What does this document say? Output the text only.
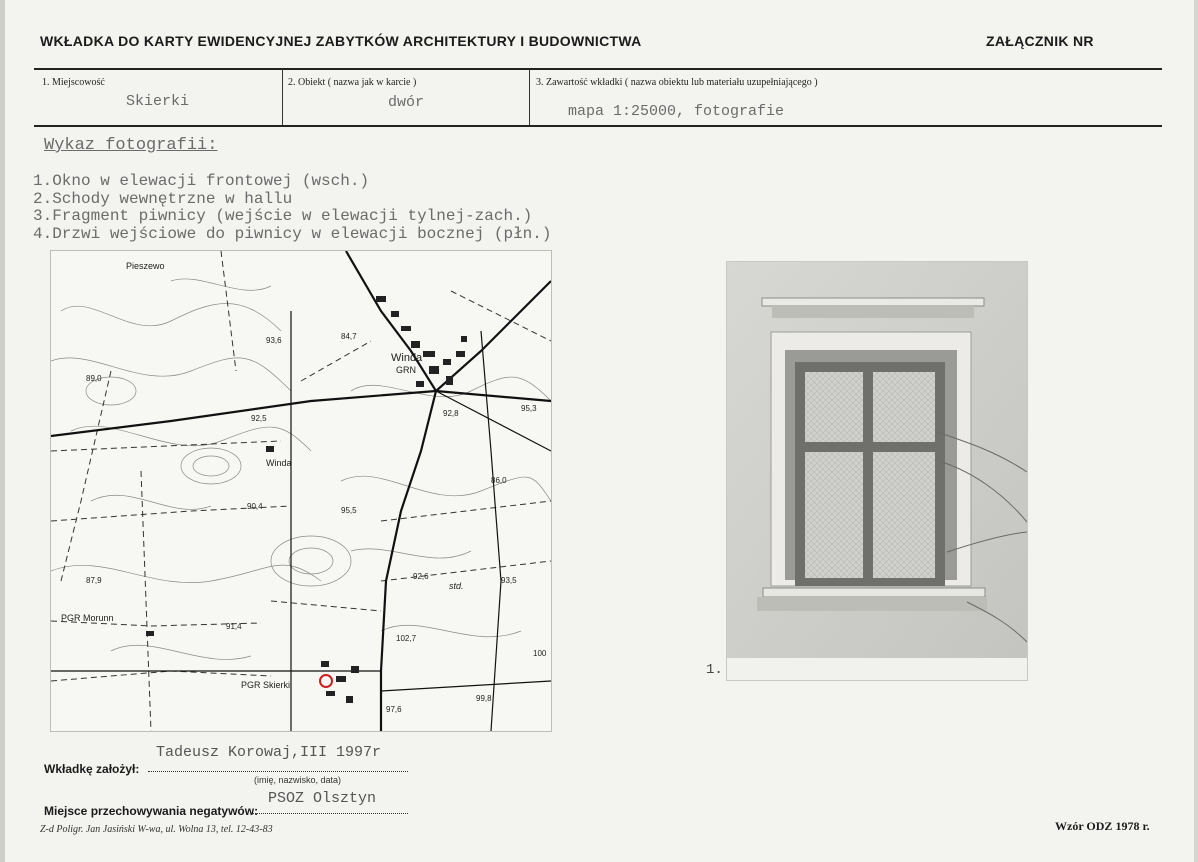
WKŁADKA DO KARTY EWIDENCYJNEJ ZABYTKÓW ARCHITEKTURY I BUDOWNICTWA	ZAŁĄCZNIK NR
1. Miejscowość
Skierki
2. Obiekt ( nazwa jak w karcie )
dwór
3. Zawartość wkładki ( nazwa obiektu lub materiału uzupełniającego )
mapa 1:25000, fotografie
Wykaz fotografii:
1.Okno w elewacji frontowej (wsch.)
2.Schody wewnętrzne w hallu
3.Fragment piwnicy (wejście w elewacji tylnej-zach.)
4.Drzwi wejściowe do piwnicy w elewacji bocznej (płn.)
Pieszewo
Winda
GRN
Winda
PGR Morunn
PGR Skierki
std.
84,7
93,6
89,0
92,8
95,3
86,0
90,4	95,5
92,6	93,5
87,9
91,4
102,7
100
99,8
97,6
92,5
1.
Tadeusz Korowaj,III 1997r
Wkładkę założył:
(imię, nazwisko, data)
PSOZ Olsztyn
Miejsce przechowywania negatywów:
Z-d Poligr. Jan Jasiński W-wa, ul. Wolna 13, tel. 12-43-83	Wzór ODZ 1978 r.
